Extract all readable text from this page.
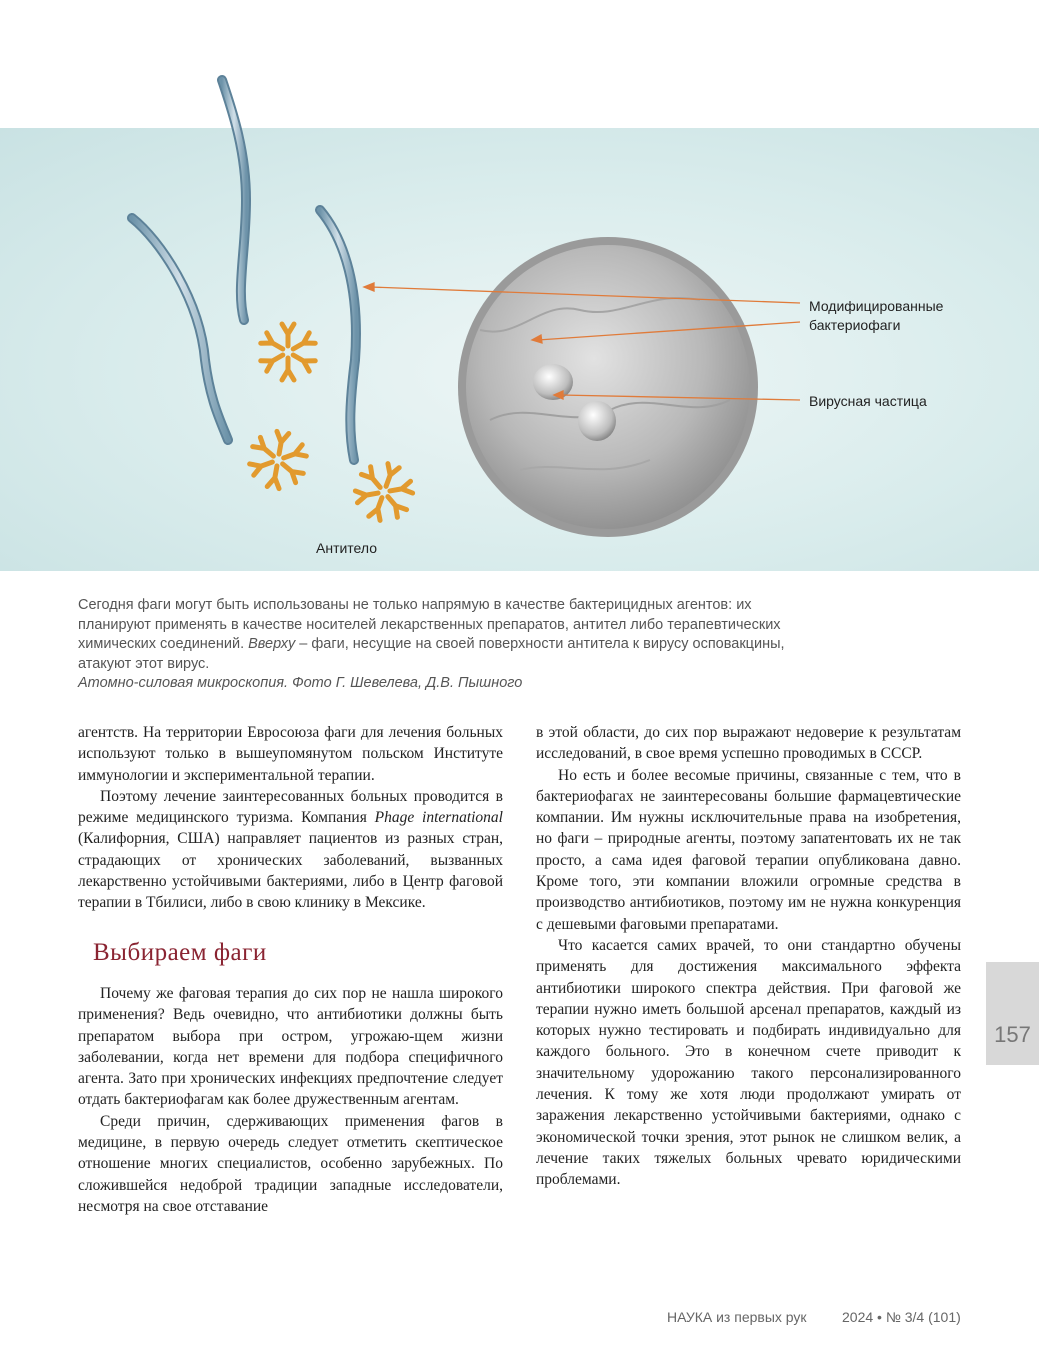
Модифицированные
бактериофаги
Вирусная частица
Антитело
Сегодня фаги могут быть использованы не только напрямую в качестве бактерицидных агентов: их планируют применять в качестве носителей лекарственных препаратов, антител либо терапевтических химических соединений. Вверху – фаги, несущие на своей поверхности антитела к вирусу осповакцины, атакуют этот вирус.
Атомно-силовая микроскопия. Фото Г. Шевелева, Д.В. Пышного

агентств. На территории Евросоюза фаги для лечения больных используют только в вышеупомянутом польском Институте иммунологии и экспериментальной терапии.

Поэтому лечение заинтересованных больных проводится в режиме медицинского туризма. Компания Phage international (Калифорния, США) направляет пациентов из разных стран, страдающих от хронических заболеваний, вызванных лекарственно устойчивыми бактериями, либо в Центр фаговой терапии в Тбилиси, либо в свою клинику в Мексике.

Выбираем фаги

Почему же фаговая терапия до сих пор не нашла широкого применения? Ведь очевидно, что антибиотики должны быть препаратом выбора при остром, угрожаю-щем жизни заболевании, когда нет времени для подбора специфичного агента. Зато при хронических инфекциях предпочтение следует отдать бактериофагам как более дружественным агентам.

Среди причин, сдерживающих применения фагов в медицине, в первую очередь следует отметить скептическое отношение многих специалистов, особенно зарубежных. По сложившейся недоброй традиции западные исследователи, несмотря на свое отставание

в этой области, до сих пор выражают недоверие к результатам исследований, в свое время успешно проводимых в СССР.

Но есть и более весомые причины, связанные с тем, что в бактериофагах не заинтересованы большие фармацевтические компании. Им нужны исключительные права на изобретения, но фаги – природные агенты, поэтому запатентовать их не так просто, а сама идея фаговой терапии опубликована давно. Кроме того, эти компании вложили огромные средства в производство антибиотиков, поэтому им не нужна конкуренция с дешевыми фаговыми препаратами.

Что касается самих врачей, то они стандартно обучены применять для достижения максимального эффекта антибиотики широкого спектра действия. При фаговой же терапии нужно иметь большой арсенал препаратов, каждый из которых нужно тестировать и подбирать индивидуально для каждого больного. Это в конечном счете приводит к значительному удорожанию такого персонализированного лечения. К тому же хотя люди продолжают умирать от заражения лекарственно устойчивыми бактериями, однако с экономической точки зрения, этот рынок не слишком велик, а лечение таких тяжелых больных чревато юридическими проблемами.

157
НАУКА из первых рук	2024 • № 3/4 (101)
